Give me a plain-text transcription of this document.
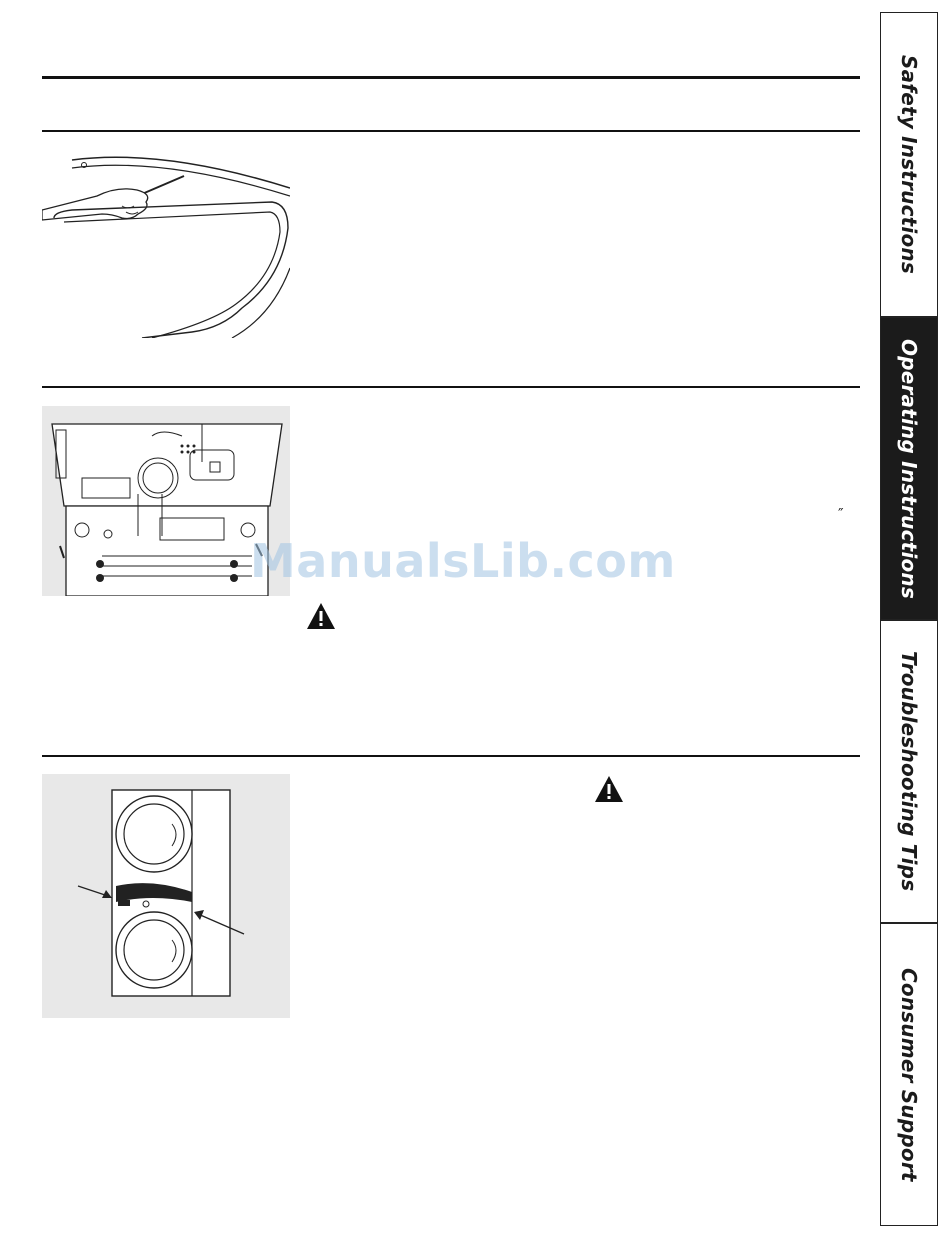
″
ManualsLib.com
Safety Instructions
Operating Instructions
Troubleshooting Tips
Consumer Support
